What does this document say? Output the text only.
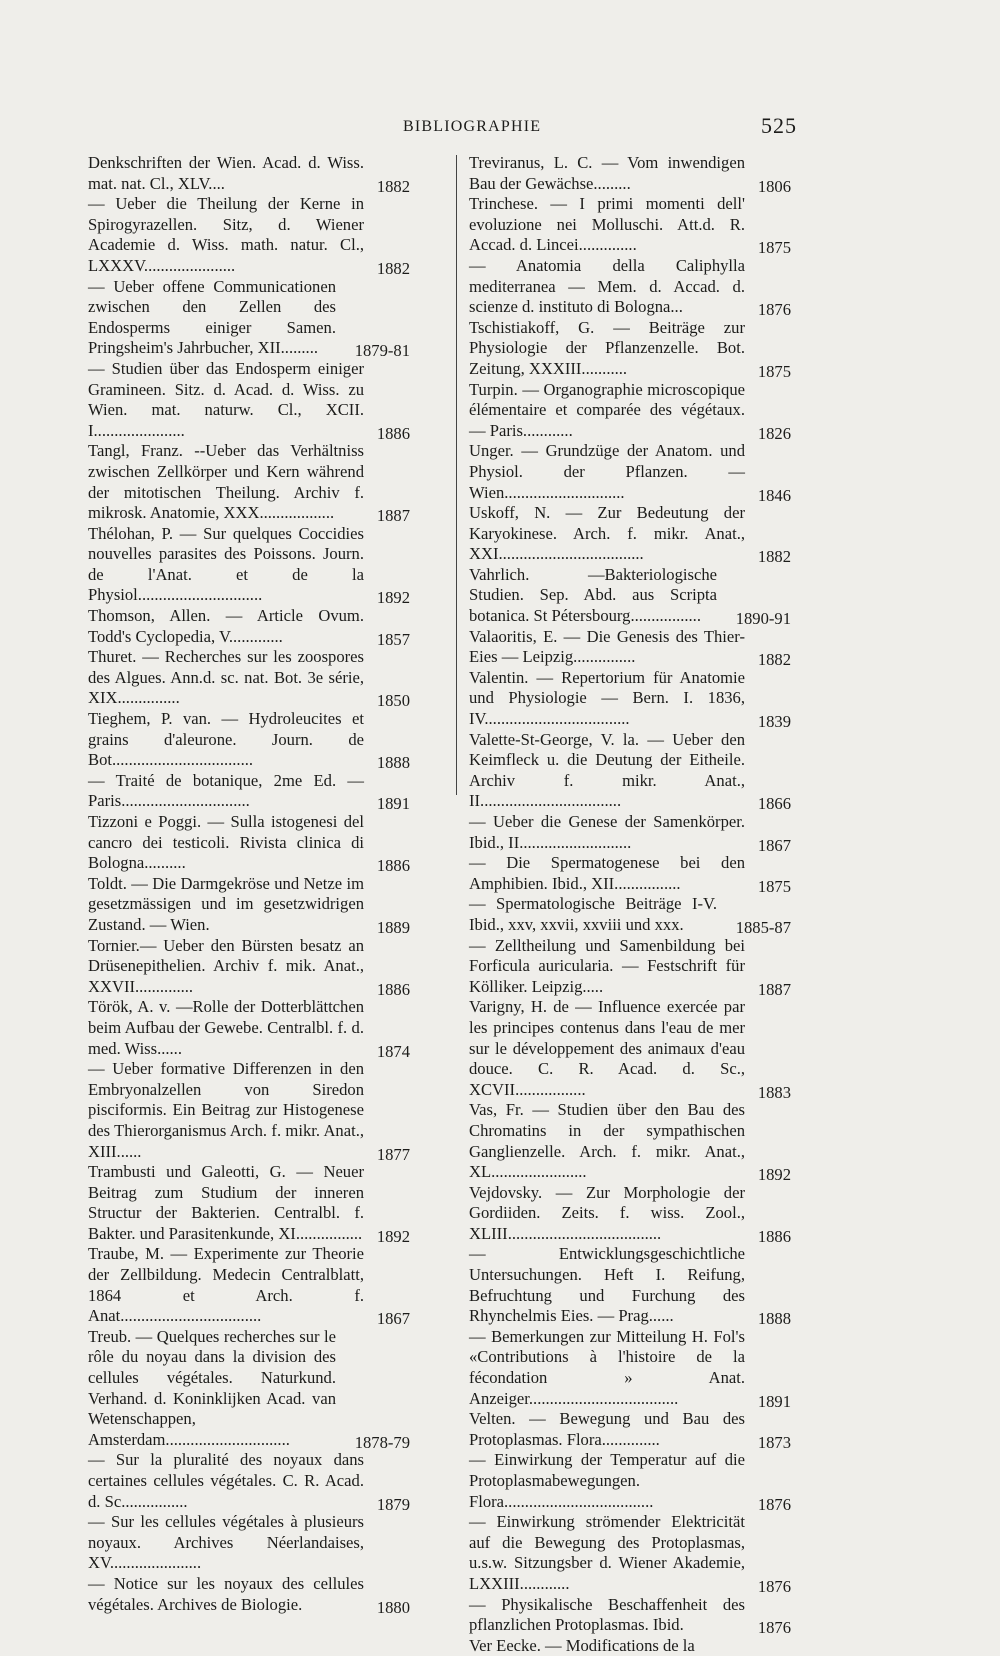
BIBLIOGRAPHIE	525

Denkschriften der Wien. Acad. d. Wiss. mat. nat. Cl., XLV....	1882

— Ueber die Theilung der Kerne in Spirogyrazellen. Sitz, d. Wiener Academie d. Wiss. math. natur. Cl., LXXXV......................	1882

— Ueber offene Communicationen zwischen den Zellen des Endosperms einiger Samen. Pringsheim's Jahrbucher, XII......... 1879-81

— Studien über das Endosperm einiger Gramineen. Sitz. d. Acad. d. Wiss. zu Wien. mat. naturw. Cl., XCII. I......................	1886

Tangl, Franz. --Ueber das Verhältniss zwischen Zellkörper und Kern während der mitotischen Theilung. Archiv f. mikrosk. Anatomie, XXX..................	1887

Thélohan, P. — Sur quelques Coccidies nouvelles parasites des Poissons. Journ. de l'Anat. et de la Physiol..............................	1892

Thomson, Allen. — Article Ovum. Todd's Cyclopedia, V.............	1857

Thuret. — Recherches sur les zoospores des Algues. Ann.d. sc. nat. Bot. 3e série, XIX...............	1850

Tieghem, P. van. — Hydroleucites et grains d'aleurone. Journ. de Bot..................................	1888

— Traité de botanique, 2me Ed. — Paris...............................	1891

Tizzoni e Poggi. — Sulla istogenesi del cancro dei testicoli. Rivista clinica di Bologna..........	1886

Toldt. — Die Darmgekröse und Netze im gesetzmässigen und im gesetzwidrigen Zustand. — Wien.	1889

Tornier.— Ueber den Bürsten besatz an Drüsenepithelien. Archiv f. mik. Anat., XXVII..............	1886

Török, A. v. —Rolle der Dotterblättchen beim Aufbau der Gewebe. Centralbl. f. d. med. Wiss......	1874

— Ueber formative Differenzen in den Embryonalzellen von Siredon pisciformis. Ein Beitrag zur Histogenese des Thierorganismus Arch. f. mikr. Anat., XIII......	1877

Trambusti und Galeotti, G. — Neuer Beitrag zum Studium der inneren Structur der Bakterien. Centralbl. f. Bakter. und Parasitenkunde, XI................ 1892

Traube, M. — Experimente zur Theorie der Zellbildung. Medecin Centralblatt, 1864 et Arch. f. Anat..................................	1867

Treub. — Quelques recherches sur le rôle du noyau dans la division des cellules végétales. Naturkund. Verhand. d. Koninklijken Acad. van Wetenschappen, Amsterdam..............................	1878-79

— Sur la pluralité des noyaux dans certaines cellules végétales. C. R. Acad. d. Sc................	1879

— Sur les cellules végétales à plusieurs noyaux. Archives Néerlandaises, XV......................

— Notice sur les noyaux des cellules végétales. Archives de Biologie.	1880

Treviranus, L. C. — Vom inwendigen Bau der Gewächse.........	1806

Trinchese. — I primi momenti dell' evoluzione nei Molluschi. Att.d. R. Accad. d. Lincei..............	1875

— Anatomia della Caliphylla mediterranea — Mem. d. Accad. d. scienze d. instituto di Bologna...	1876

Tschistiakoff, G. — Beiträge zur Physiologie der Pflanzenzelle. Bot. Zeitung, XXXIII...........	1875

Turpin. — Organographie microscopique élémentaire et comparée des végétaux. — Paris............	1826

Unger. — Grundzüge der Anatom. und Physiol. der Pflanzen. — Wien.............................	1846

Uskoff, N. — Zur Bedeutung der Karyokinese. Arch. f. mikr. Anat., XXI...................................	1882

Vahrlich. —Bakteriologische Studien. Sep. Abd. aus Scripta botanica. St Pétersbourg................. 1890-91

Valaoritis, E. — Die Genesis des Thier-Eies — Leipzig...............	1882

Valentin. — Repertorium für Anatomie und Physiologie — Bern. I. 1836, IV...................................	1839

Valette-St-George, V. la. — Ueber den Keimfleck u. die Deutung der Eitheile. Archiv f. mikr. Anat., II..................................	1866

— Ueber die Genese der Samenkörper. Ibid., II...........................	1867

— Die Spermatogenese bei den Amphibien. Ibid., XII................	1875

— Spermatologische Beiträge I-V. Ibid., xxv, xxvii, xxviii und xxx.	1885-87

— Zelltheilung und Samenbildung bei Forficula auricularia. — Festschrift für Kölliker. Leipzig.....	1887

Varigny, H. de — Influence exercée par les principes contenus dans l'eau de mer sur le développement des animaux d'eau douce. C. R. Acad. d. Sc., XCVII.................	1883

Vas, Fr. — Studien über den Bau des Chromatins in der sympathischen Ganglienzelle. Arch. f. mikr. Anat., XL.......................	1892

Vejdovsky. — Zur Morphologie der Gordiiden. Zeits. f. wiss. Zool., XLIII.....................................	1886

— Entwicklungsgeschichtliche Untersuchungen. Heft I. Reifung, Befruchtung und Furchung des Rhynchelmis Eies. — Prag......	1888

— Bemerkungen zur Mitteilung H. Fol's «Contributions à l'histoire de la fécondation » Anat. Anzeiger....................................	1891

Velten. — Bewegung und Bau des Protoplasmas. Flora..............	1873

— Einwirkung der Temperatur auf die Protoplasmabewegungen. Flora....................................	1876

— Einwirkung strömender Elektricität auf die Bewegung des Protoplasmas, u.s.w. Sitzungsber d. Wiener Akademie, LXXIII............	1876

— Physikalische Beschaffenheit des pflanzlichen Protoplasmas. Ibid.	1876

Ver Eecke. — Modifications de la
